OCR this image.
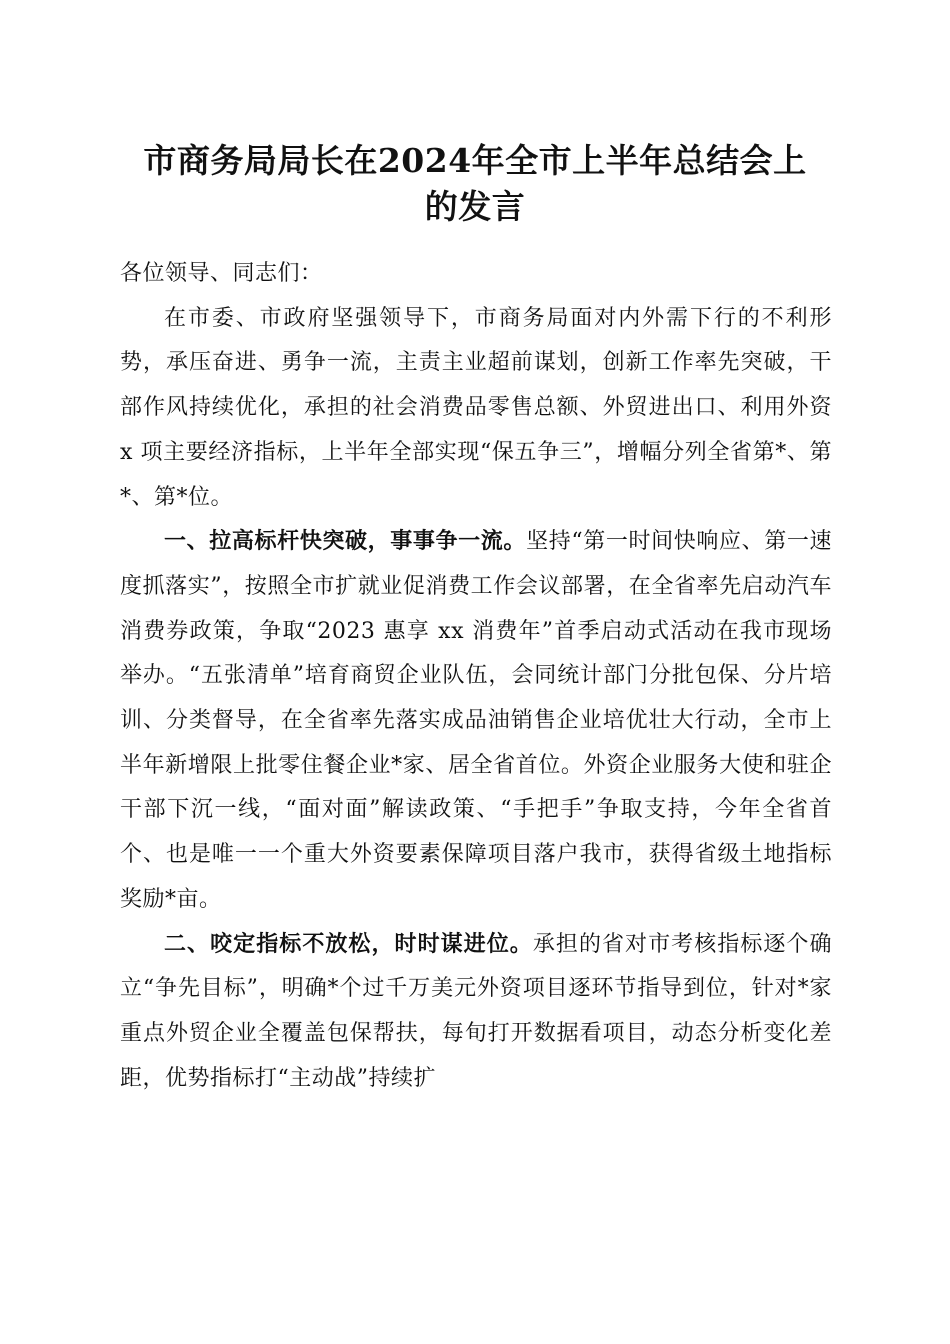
市商务局局长在2024年全市上半年总结会上
的发言

各位领导、同志们：

在市委、市政府坚强领导下，市商务局面对内外需下行的不利形势，承压奋进、勇争一流，主责主业超前谋划，创新工作率先突破，干部作风持续优化，承担的社会消费品零售总额、外贸进出口、利用外资 x 项主要经济指标，上半年全部实现“保五争三”，增幅分列全省第*、第*、第*位。

一、拉高标杆快突破，事事争一流。坚持“第一时间快响应、第一速度抓落实”，按照全市扩就业促消费工作会议部署，在全省率先启动汽车消费券政策，争取“2023 惠享 xx 消费年”首季启动式活动在我市现场举办。“五张清单”培育商贸企业队伍，会同统计部门分批包保、分片培训、分类督导，在全省率先落实成品油销售企业培优壮大行动，全市上半年新增限上批零住餐企业*家、居全省首位。外资企业服务大使和驻企干部下沉一线，“面对面”解读政策、“手把手”争取支持，今年全省首个、也是唯一一个重大外资要素保障项目落户我市，获得省级土地指标奖励*亩。

二、咬定指标不放松，时时谋进位。承担的省对市考核指标逐个确立“争先目标”，明确*个过千万美元外资项目逐环节指导到位，针对*家重点外贸企业全覆盖包保帮扶，每旬打开数据看项目，动态分析变化差距，优势指标打“主动战”持续扩
